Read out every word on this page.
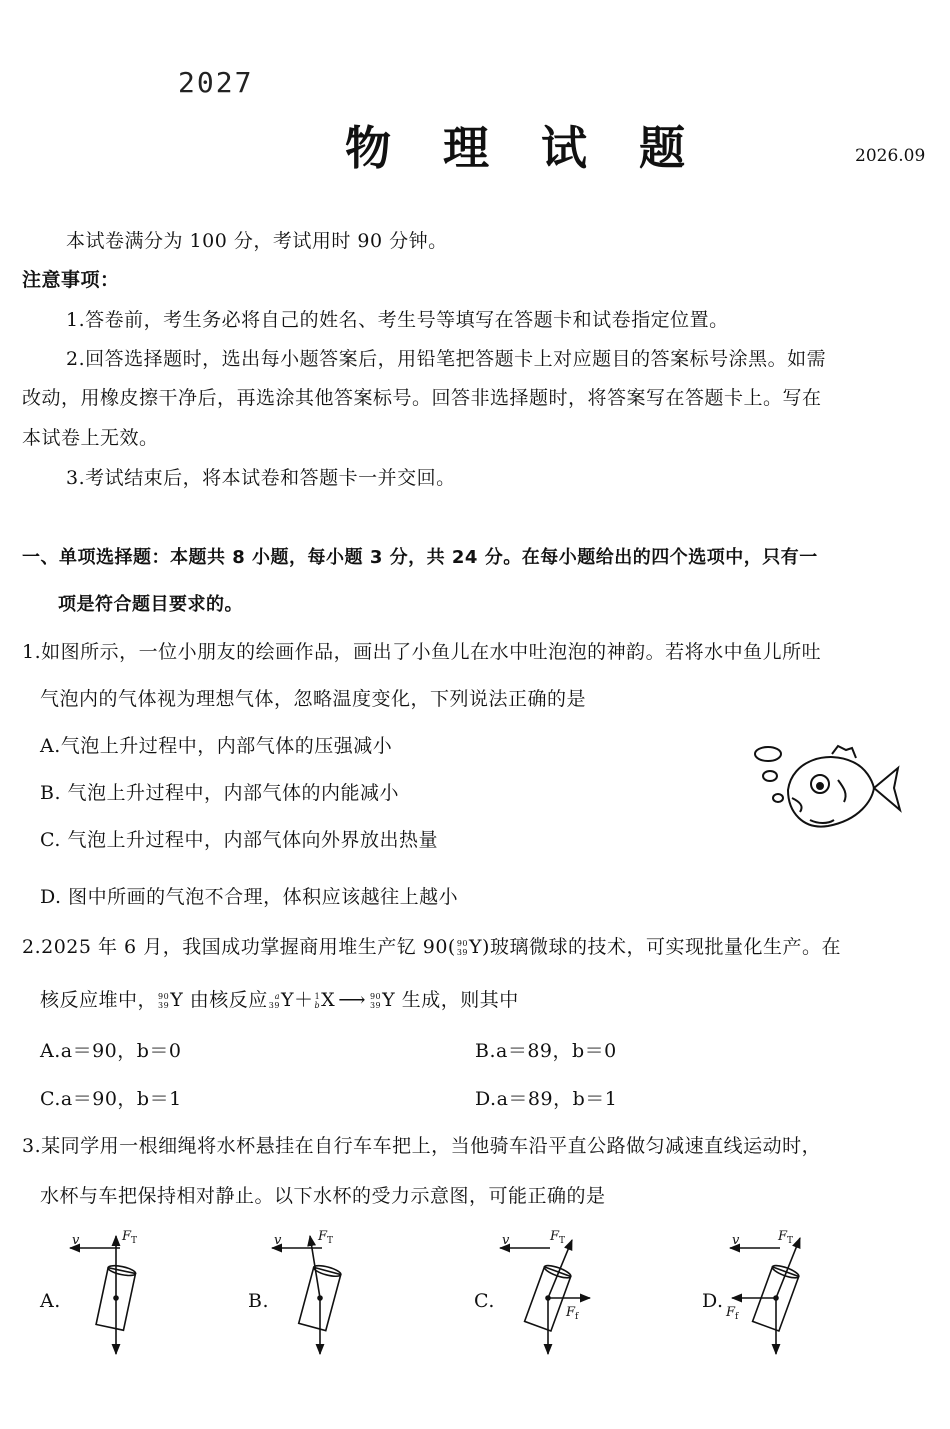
2027
物 理 试 题	2026.09
本试卷满分为 100 分，考试用时 90 分钟。
注意事项：
1.答卷前，考生务必将自己的姓名、考生号等填写在答题卡和试卷指定位置。
2.回答选择题时，选出每小题答案后，用铅笔把答题卡上对应题目的答案标号涂黑。如需
改动，用橡皮擦干净后，再选涂其他答案标号。回答非选择题时，将答案写在答题卡上。写在
本试卷上无效。
3.考试结束后，将本试卷和答题卡一并交回。
一、单项选择题：本题共 8 小题，每小题 3 分，共 24 分。在每小题给出的四个选项中，只有一
项是符合题目要求的。
1.如图所示，一位小朋友的绘画作品，画出了小鱼儿在水中吐泡泡的神韵。若将水中鱼儿所吐
气泡内的气体视为理想气体，忽略温度变化，下列说法正确的是
A.气泡上升过程中，内部气体的压强减小
B. 气泡上升过程中，内部气体的内能减小
C. 气泡上升过程中，内部气体向外界放出热量
D. 图中所画的气泡不合理，体积应该越往上越小
2.2025 年 6 月，我国成功掌握商用堆生产钇 90( 90
39 Y)玻璃微球的技术，可实现批量化生产。在
核反应堆中， 90
39 Y 由核反应 a
39 Y＋ 1
b X ⟶ 90
39 Y 生成，则其中
A.a＝90，b＝0	B.a＝89，b＝0
C.a＝90，b＝1	D.a＝89，b＝1
3.某同学用一根细绳将水杯悬挂在自行车车把上，当他骑车沿平直公路做匀减速直线运动时，
水杯与车把保持相对静止。以下水杯的受力示意图，可能正确的是
A.	B.	C.	D.
v	F T	v	F T	v	F T
F f
v	F T
F f
